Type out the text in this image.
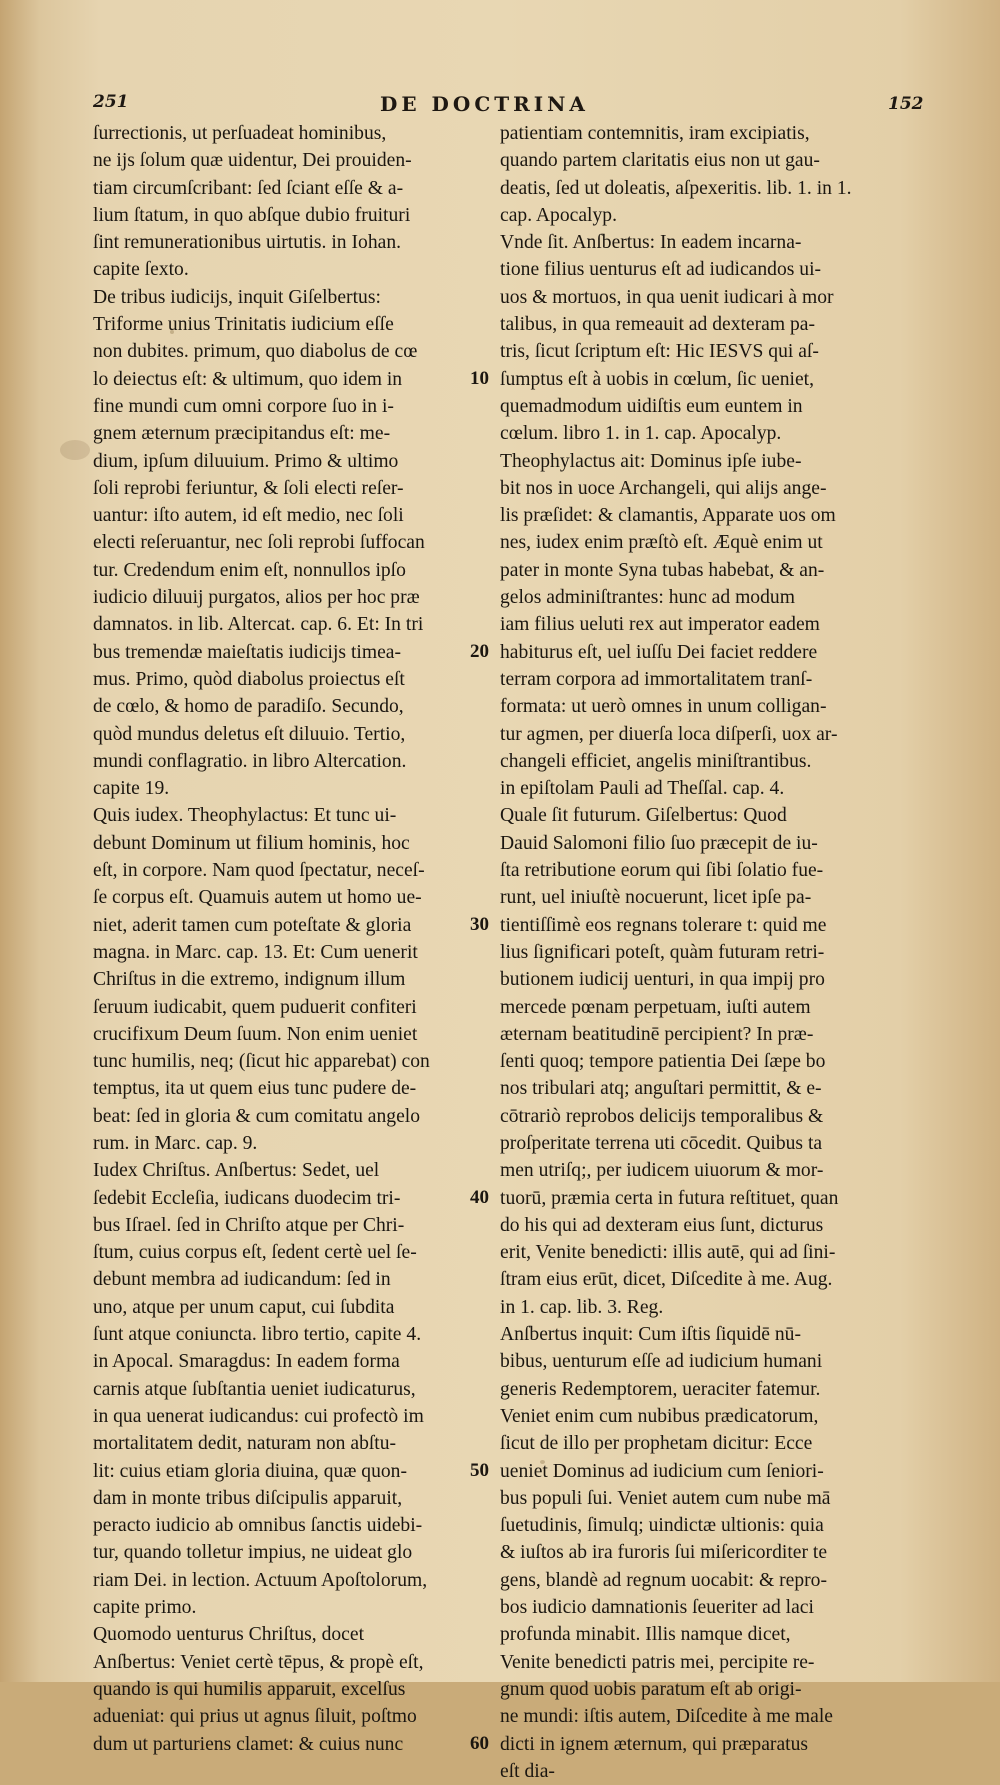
251	DE DOCTRINA	152
ſurrectionis, ut perſuadeat hominibus,
ne ijs ſolum quæ uidentur, Dei prouiden-
tiam circumſcribant: ſed ſciant eſſe & a-
lium ſtatum, in quo abſque dubio fruituri
ſint remunerationibus uirtutis. in Iohan.
capite ſexto.
De tribus iudicijs, inquit Giſelbertus:
Triforme unius Trinitatis iudicium eſſe
non dubites. primum, quo diabolus de cœ
lo deiectus eſt: & ultimum, quo idem in
fine mundi cum omni corpore ſuo in i-
gnem æternum præcipitandus eſt: me-
dium, ipſum diluuium. Primo & ultimo
ſoli reprobi feriuntur, & ſoli electi reſer-
uantur: iſto autem, id eſt medio, nec ſoli
electi reſeruantur, nec ſoli reprobi ſuffocan
tur. Credendum enim eſt, nonnullos ipſo
iudicio diluuij purgatos, alios per hoc præ
damnatos. in lib. Altercat. cap. 6. Et: In tri
bus tremendæ maieſtatis iudicijs timea-
mus. Primo, quòd diabolus proiectus eſt
de cœlo, & homo de paradiſo. Secundo,
quòd mundus deletus eſt diluuio. Tertio,
mundi conflagratio. in libro Altercation.
capite 19.
Quis iudex. Theophylactus: Et tunc ui-
debunt Dominum ut filium hominis, hoc
eſt, in corpore. Nam quod ſpectatur, neceſ-
ſe corpus eſt. Quamuis autem ut homo ue-
niet, aderit tamen cum poteſtate & gloria
magna. in Marc. cap. 13. Et: Cum uenerit
Chriſtus in die extremo, indignum illum
ſeruum iudicabit, quem puduerit confiteri
crucifixum Deum ſuum. Non enim ueniet
tunc humilis, neq; (ſicut hic apparebat) con
temptus, ita ut quem eius tunc pudere de-
beat: ſed in gloria & cum comitatu angelo
rum. in Marc. cap. 9.
Iudex Chriſtus. Anſbertus: Sedet, uel
ſedebit Eccleſia, iudicans duodecim tri-
bus Iſrael. ſed in Chriſto atque per Chri-
ſtum, cuius corpus eſt, ſedent certè uel ſe-
debunt membra ad iudicandum: ſed in
uno, atque per unum caput, cui ſubdita
ſunt atque coniuncta. libro tertio, capite 4.
in Apocal. Smaragdus: In eadem forma
carnis atque ſubſtantia ueniet iudicaturus,
in qua uenerat iudicandus: cui profectò im
mortalitatem dedit, naturam non abſtu-
lit: cuius etiam gloria diuina, quæ quon-
dam in monte tribus diſcipulis apparuit,
peracto iudicio ab omnibus ſanctis uidebi-
tur, quando tolletur impius, ne uideat glo
riam Dei. in lection. Actuum Apoſtolorum,
capite primo.
Quomodo uenturus Chriſtus, docet
Anſbertus: Veniet certè tēpus, & propè eſt,
quando is qui humilis apparuit, excelſus
adueniat: qui prius ut agnus ſiluit, poſtmo
dum ut parturiens clamet: & cuius nunc
patientiam contemnitis, iram excipiatis,
quando partem claritatis eius non ut gau-
deatis, ſed ut doleatis, aſpexeritis. lib. 1. in 1.
cap. Apocalyp.
Vnde ſit. Anſbertus: In eadem incarna-
tione filius uenturus eſt ad iudicandos ui-
uos & mortuos, in qua uenit iudicari à mor
talibus, in qua remeauit ad dexteram pa-
tris, ſicut ſcriptum eſt: Hic IESVS qui aſ-
ſumptus eſt à uobis in cœlum, ſic ueniet,
quemadmodum uidiſtis eum euntem in
cœlum. libro 1. in 1. cap. Apocalyp.
Theophylactus ait: Dominus ipſe iube-
bit nos in uoce Archangeli, qui alijs ange-
lis præſidet: & clamantis, Apparate uos om
nes, iudex enim præſtò eſt. Æquè enim ut
pater in monte Syna tubas habebat, & an-
gelos adminiſtrantes: hunc ad modum
iam filius ueluti rex aut imperator eadem
habiturus eſt, uel iuſſu Dei faciet reddere
terram corpora ad immortalitatem tranſ-
formata: ut uerò omnes in unum colligan-
tur agmen, per diuerſa loca diſperſi, uox ar-
changeli efficiet, angelis miniſtrantibus.
in epiſtolam Pauli ad Theſſal. cap. 4.
Quale ſit futurum. Giſelbertus: Quod
Dauid Salomoni filio ſuo præcepit de iu-
ſta retributione eorum qui ſibi ſolatio fue-
runt, uel iniuſtè nocuerunt, licet ipſe pa-
tientiſſimè eos regnans tolerare t: quid me
lius ſignificari poteſt, quàm futuram retri-
butionem iudicij uenturi, in qua impij pro
mercede pœnam perpetuam, iuſti autem
æternam beatitudinē percipient? In præ-
ſenti quoq; tempore patientia Dei ſæpe bo
nos tribulari atq; anguſtari permittit, & e-
cōtrariò reprobos delicijs temporalibus &
proſperitate terrena uti cōcedit. Quibus ta
men utriſq;, per iudicem uiuorum & mor-
tuorū, præmia certa in futura reſtituet, quan
do his qui ad dexteram eius ſunt, dicturus
erit, Venite benedicti: illis autē, qui ad ſini-
ſtram eius erūt, dicet, Diſcedite à me. Aug.
in 1. cap. lib. 3. Reg.
Anſbertus inquit: Cum iſtis ſiquidē nū-
bibus, uenturum eſſe ad iudicium humani
generis Redemptorem, ueraciter fatemur.
Veniet enim cum nubibus prædicatorum,
ſicut de illo per prophetam dicitur: Ecce
ueniet Dominus ad iudicium cum ſeniori-
bus populi ſui. Veniet autem cum nube mā
ſuetudinis, ſimulq; uindictæ ultionis: quia
& iuſtos ab ira furoris ſui miſericorditer te
gens, blandè ad regnum uocabit: & repro-
bos iudicio damnationis ſeueriter ad laci
profunda minabit. Illis namque dicet,
Venite benedicti patris mei, percipite re-
gnum quod uobis paratum eſt ab origi-
ne mundi: iſtis autem, Diſcedite à me male
dicti in ignem æternum, qui præparatus
eſt dia-
10
20
30
40
50
60
